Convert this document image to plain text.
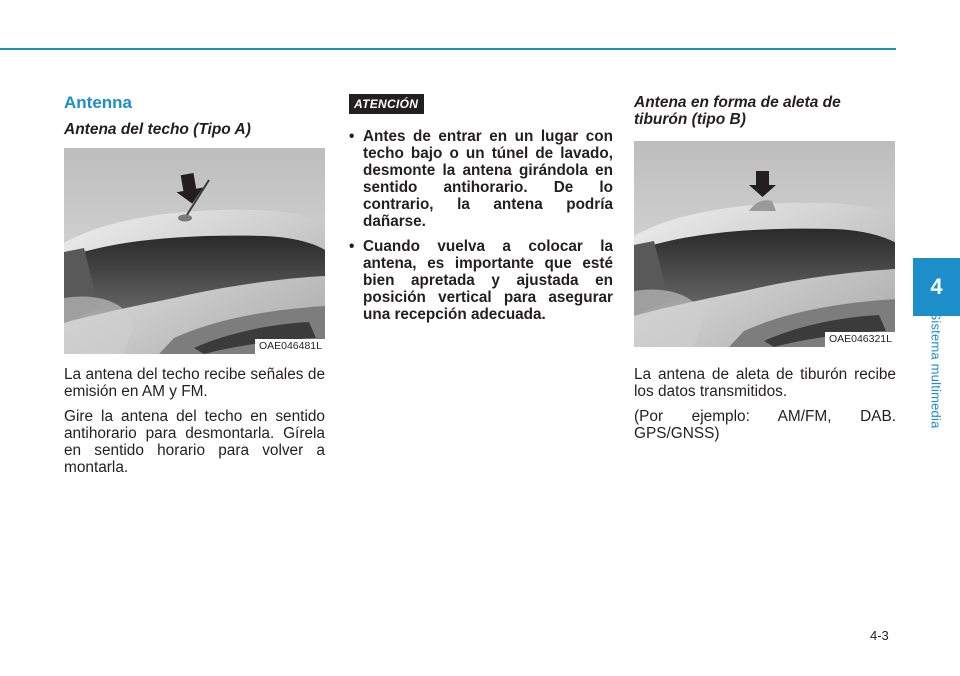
4
Sistema multimedia
Antenna
Antena del techo (Tipo A)
OAE046481L

La antena del techo recibe señales de emisión en AM y FM.

Gire la antena del techo en sentido antihorario para desmontarla. Gírela en sentido horario para volver a montarla.

ATENCIÓN
• Antes de entrar en un lugar con techo bajo o un túnel de lavado, desmonte la antena girándola en sentido antihorario. De lo contrario, la antena podría dañarse.
• Cuando vuelva a colocar la antena, es importante que esté bien apretada y ajustada en posición vertical para asegurar una recepción adecuada.
Antena en forma de aleta de tiburón (tipo B)
OAE046321L

La antena de aleta de tiburón recibe los datos transmitidos.

(Por ejemplo: AM/FM, DAB. GPS/GNSS)

4-3
